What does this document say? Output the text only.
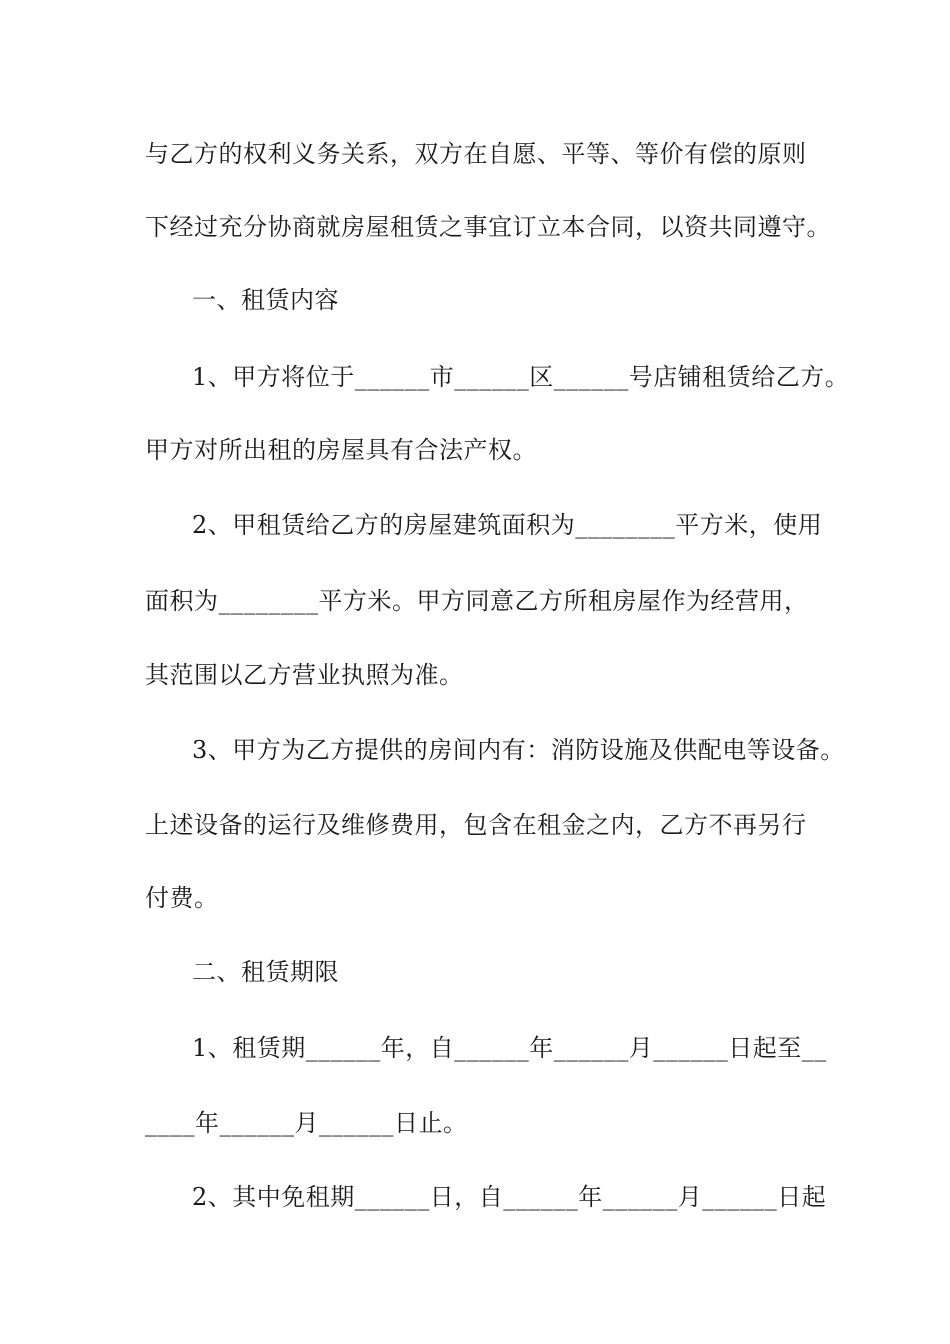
与乙方的权利义务关系，双方在自愿、平等、等价有偿的原则
下经过充分协商就房屋租赁之事宜订立本合同，以资共同遵守。
一、租赁内容
1、甲方将位于______市______区______号店铺租赁给乙方。
甲方对所出租的房屋具有合法产权。
2、甲租赁给乙方的房屋建筑面积为________平方米，使用
面积为________平方米。甲方同意乙方所租房屋作为经营用，
其范围以乙方营业执照为准。
3、甲方为乙方提供的房间内有：消防设施及供配电等设备。
上述设备的运行及维修费用，包含在租金之内，乙方不再另行
付费。
二、租赁期限
1、租赁期______年，自______年______月______日起至__
____年______月______日止。
2、其中免租期______日，自______年______月______日起
